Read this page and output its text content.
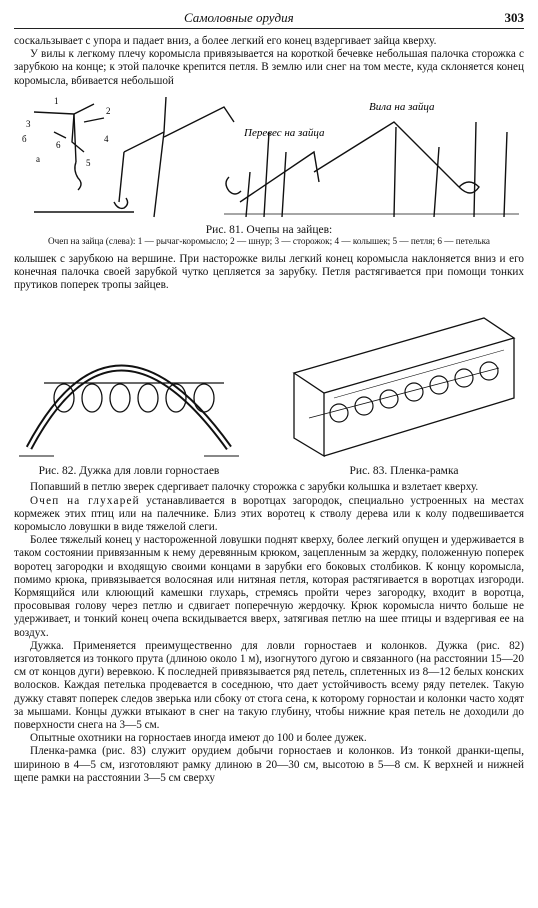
Самоловные орудия	303

соскальзывает с упора и падает вниз, а более легкий его конец вздергивает зайца кверху.

У вилы к легкому плечу коромысла привязывается на короткой бечевке небольшая палочка сторожка с зарубкою на конце; к этой палочке крепится петля. В землю или снег на том месте, куда склоняется конец коромысла, вбивается небольшой

Вила на зайца
Перевес на зайца
1
2
3
4
5
6
б
а
Рис. 81. Очепы на зайцев:
Очеп на зайца (слева): 1 — рычаг-коромысло; 2 — шнур; 3 — сторожок; 4 — колышек; 5 — петля; 6 — петелька

колышек с зарубкою на вершине. При насторожке вилы легкий конец коромысла наклоняется вниз и его конечная палочка своей зарубкой чутко цепляется за зарубку. Петля растягивается при помощи тонких прутиков поперек тропы зайцев.

Рис. 82. Дужка для ловли горностаев	Рис. 83. Пленка-рамка

Попавший в петлю зверек сдергивает палочку сторожка с зарубки колышка и взлетает кверху.

Очеп на глухарей устанавливается в воротцах загородок, специально устроенных на местах кормежек этих птиц или на палечнике. Близ этих воротец к стволу дерева или к колу подвешивается коромысло ловушки в виде тяжелой слеги.

Более тяжелый конец у настороженной ловушки поднят кверху, более легкий опущен и удерживается в таком состоянии привязанным к нему деревянным крюком, зацепленным за жердку, положенную поперек воротец загородки и входящую своими концами в зарубки его боковых столбиков. К концу коромысла, помимо крюка, привязывается волосяная или нитяная петля, которая растягивается в воротцах изгороди. Кормящийся или клюющий камешки глухарь, стремясь пройти через загородку, входит в воротца, просовывая голову через петлю и сдвигает поперечную жердочку. Крюк коромысла ничто больше не удерживает, и тонкий конец очепа вскидывается вверх, затягивая петлю на шее птицы и вздергивая ее на воздух.

Дужка. Применяется преимущественно для ловли горностаев и колонков. Дужка (рис. 82) изготовляется из тонкого прута (длиною около 1 м), изогнутого дугою и связанного (на расстоянии 15—20 см от концов дуги) веревкою. К последней привязывается ряд петель, сплетенных из 8—12 белых конских волосков. Каждая петелька продевается в соседнюю, что дает устойчивость всему ряду петелек. Такую дужку ставят поперек следов зверька или сбоку от стога сена, к которому горностаи и колонки часто ходят за мышами. Концы дужки втыкают в снег на такую глубину, чтобы нижние края петель не доходили до поверхности снега на 3—5 см.

Опытные охотники на горностаев иногда имеют до 100 и более дужек.

Пленка-рамка (рис. 83) служит орудием добычи горностаев и колонков. Из тонкой дранки-щепы, шириною в 4—5 см, изготовляют рамку длиною в 20—30 см, высотою в 5—8 см. К верхней и нижней щепе рамки на расстоянии 3—5 см сверху
